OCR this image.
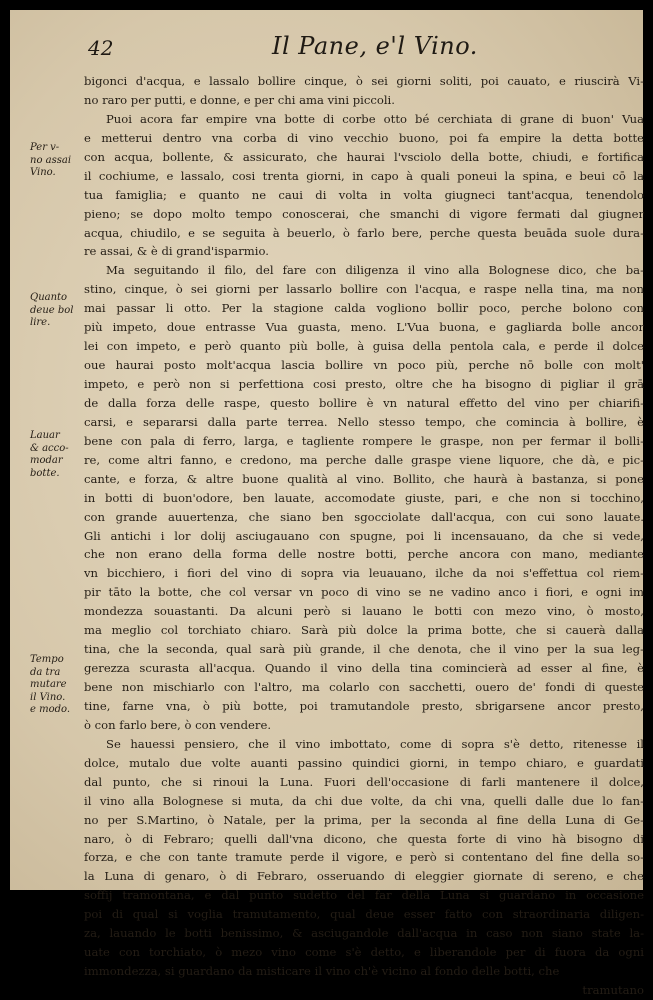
42	Il Pane, e'l Vino.
Per v-
no assai
Vino.
Quanto
deue bol
lire.
Lauar
& acco-
modar
botte.
Tempo
da tra
mutare
il Vino.
e modo.
bigonci d'acqua, e lassalo bollire cinque, ò sei giorni soliti, poi cauato, e riuscirà Vi-
no raro per putti, e donne, e per chi ama vini piccoli.
Puoi acora far empire vna botte di corbe otto bé cerchiata di grane di buon' Vua
e metterui dentro vna corba di vino vecchio buono, poi fa empire la detta botte
con acqua, bollente, & assicurato, che haurai l'vsciolo della botte, chiudi, e fortifica
il cochiume, e lassalo, cosi trenta giorni, in capo à quali poneui la spina, e beui cō la
tua famiglia; e quanto ne caui di volta in volta giugneci tant'acqua, tenendolo
pieno; se dopo molto tempo conoscerai, che smanchi di vigore fermati dal giugner
acqua, chiudilo, e se seguita à beuerlo, ò farlo bere, perche questa beuāda suole dura-
re assai, & è di grand'isparmio.
Ma seguitando il filo, del fare con diligenza il vino alla Bolognese dico, che ba-
stino, cinque, ò sei giorni per lassarlo bollire con l'acqua, e raspe nella tina, ma non
mai passar li otto. Per la stagione calda vogliono bollir poco, perche bolono con
più impeto, doue entrasse Vua guasta, meno. L'Vua buona, e gagliarda bolle ancor
lei con impeto, e però quanto più bolle, à guisa della pentola cala, e perde il dolce
oue haurai posto molt'acqua lascia bollire vn poco più, perche nō bolle con molt'
impeto, e però non si perfettiona cosi presto, oltre che ha bisogno di pigliar il grā
de dalla forza delle raspe, questo bollire è vn natural effetto del vino per chiarifi-
carsi, e separarsi dalla parte terrea. Nello stesso tempo, che comincia à bollire, è
bene con pala di ferro, larga, e tagliente rompere le graspe, non per fermar il bolli-
re, come altri fanno, e credono, ma perche dalle graspe viene liquore, che dà, e pic-
cante, e forza, & altre buone qualità al vino. Bollito, che haurà à bastanza, si pone
in botti di buon'odore, ben lauate, accomodate giuste, pari, e che non si tocchino,
con grande auuertenza, che siano ben sgocciolate dall'acqua, con cui sono lauate.
Gli antichi i lor dolij asciugauano con spugne, poi li incensauano, da che si vede,
che non erano della forma delle nostre botti, perche ancora con mano, mediante
vn bicchiero, i fiori del vino di sopra via leuauano, ilche da noi s'effettua col riem-
pir tāto la botte, che col versar vn poco di vino se ne vadino anco i fiori, e ogni im
mondezza souastanti. Da alcuni però si lauano le botti con mezo vino, ò mosto,
ma meglio col torchiato chiaro. Sarà più dolce la prima botte, che si cauerà dalla
tina, che la seconda, qual sarà più grande, il che denota, che il vino per la sua leg-
gerezza scurasta all'acqua. Quando il vino della tina comincierà ad esser al fine, è
bene non mischiarlo con l'altro, ma colarlo con sacchetti, ouero de' fondi di queste
tine, farne vna, ò più botte, poi tramutandole presto, sbrigarsene ancor presto,
ò con farlo bere, ò con vendere.
Se hauessi pensiero, che il vino imbottato, come di sopra s'è detto, ritenesse il
dolce, mutalo due volte auanti passino quindici giorni, in tempo chiaro, e guardati
dal punto, che si rinoui la Luna. Fuori dell'occasione di farli mantenere il dolce,
il vino alla Bolognese si muta, da chi due volte, da chi vna, quelli dalle due lo fan-
no per S.Martino, ò Natale, per la prima, per la seconda al fine della Luna di Ge-
naro, ò di Febraro; quelli dall'vna dicono, che questa forte di vino hà bisogno di
forza, e che con tante tramute perde il vigore, e però si contentano del fine della so-
la Luna di genaro, ò di Febraro, osseruando di eleggier giornate di sereno, e che
soffij tramontana, e dal punto sudetto del far della Luna si guardano in occasione
poi di qual si voglia tramutamento, qual deue esser fatto con straordinaria diligen-
za, lauando le botti benissimo, & asciugandole dall'acqua in caso non siano state la-
uate con torchiato, ò mezo vino come s'è detto, e liberandole per di fuora da ogni
immondezza, si guardano da misticare il vino ch'è vicino al fondo delle botti, che
tramutano
